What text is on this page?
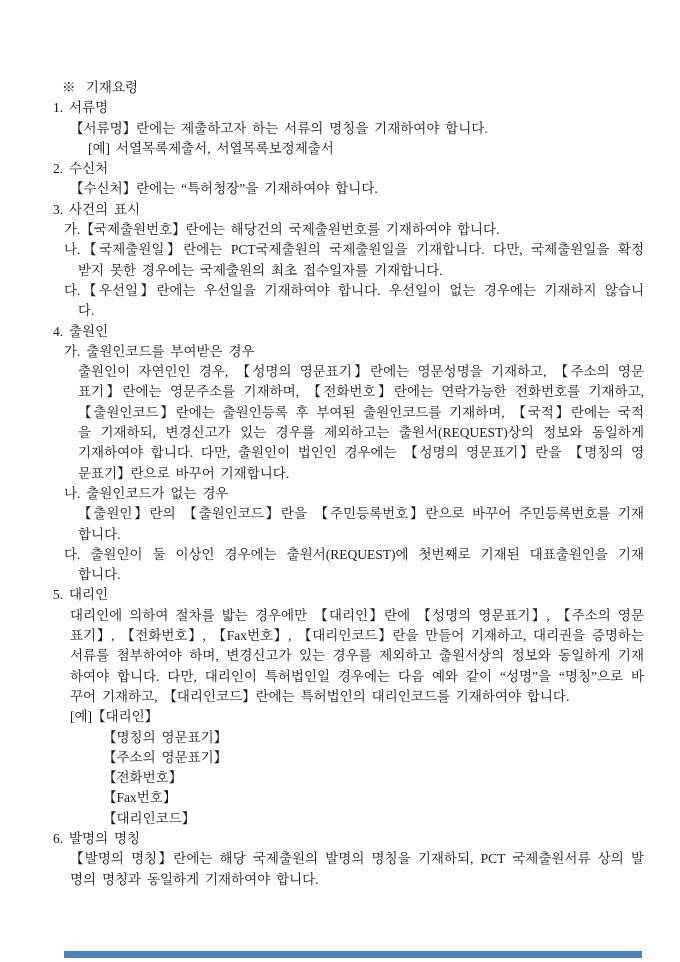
※ 기재요령
1. 서류명
【서류명】란에는 제출하고자 하는 서류의 명칭을 기재하여야 합니다.
[예] 서열목록제출서, 서열목록보정제출서
2. 수신처
【수신처】란에는 “특허청장”을 기재하여야 합니다.
3. 사건의 표시
가.【국제출원번호】란에는 해당건의 국제출원번호를 기재하여야 합니다.
나.【국제출원일】란에는 PCT국제출원의 국제출원일을 기재합니다. 다만, 국제출원일을 확정
받지 못한 경우에는 국제출원의 최초 접수일자를 기재합니다.
다.【우선일】란에는 우선일을 기재하여야 합니다. 우선일이 없는 경우에는 기재하지 않습니
다.
4. 출원인
가. 출원인코드를 부여받은 경우
출원인이 자연인인 경우, 【성명의 영문표기】란에는 영문성명을 기재하고, 【주소의 영문
표기】란에는 영문주소를 기재하며, 【전화번호】란에는 연락가능한 전화번호를 기재하고,
【출원인코드】란에는 출원인등록 후 부여된 출원인코드를 기재하며, 【국적】란에는 국적
을 기재하되, 변경신고가 있는 경우를 제외하고는 출원서(REQUEST)상의 정보와 동일하게
기재하여야 합니다. 다만, 출원인이 법인인 경우에는 【성명의 영문표기】란을 【명칭의 영
문표기】란으로 바꾸어 기재합니다.
나. 출원인코드가 없는 경우
【출원인】란의 【출원인코드】란을 【주민등록번호】란으로 바꾸어 주민등록번호를 기재
합니다.
다. 출원인이 둘 이상인 경우에는 출원서(REQUEST)에 첫번째로 기재된 대표출원인을 기재
합니다.
5. 대리인
대리인에 의하여 절차를 밟는 경우에만 【대리인】란에 【성명의 영문표기】, 【주소의 영문
표기】, 【전화번호】, 【Fax번호】, 【대리인코드】란을 만들어 기재하고, 대리권을 증명하는
서류를 첨부하여야 하며, 변경신고가 있는 경우를 제외하고 출원서상의 정보와 동일하게 기재
하여야 합니다. 다만, 대리인이 특허법인일 경우에는 다음 예와 같이 “성명”을 “명칭”으로 바
꾸어 기재하고, 【대리인코드】란에는 특허법인의 대리인코드를 기재하여야 합니다.
[예]【대리인】
【명칭의 영문표기】
【주소의 영문표기】
【전화번호】
【Fax번호】
【대리인코드】
6. 발명의 명칭
【발명의 명칭】란에는 해당 국제출원의 발명의 명칭을 기재하되, PCT 국제출원서류 상의 발
명의 명칭과 동일하게 기재하여야 합니다.
